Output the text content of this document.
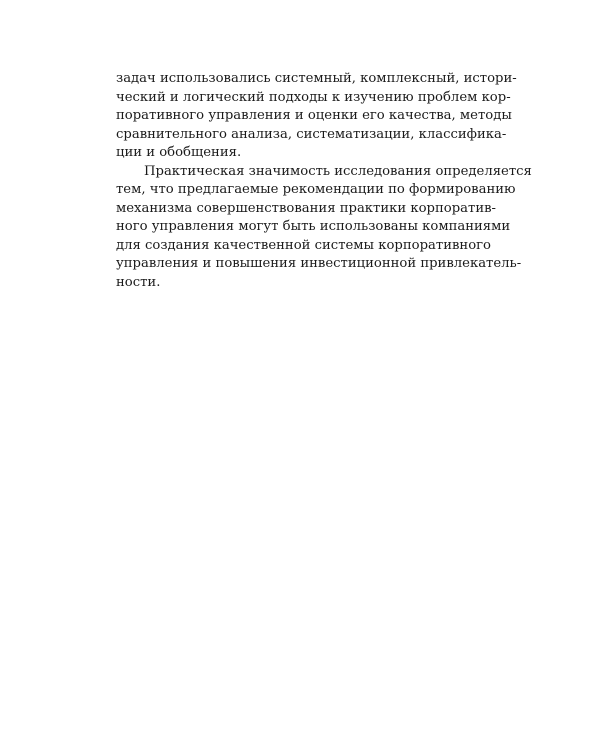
задач использовались системный, комплексный, истори-
ческий и логический подходы к изучению проблем кор-
поративного управления и оценки его качества, методы
сравнительного анализа, систематизации, классифика-
ции и обобщения.
Практическая значимость исследования определяется
тем, что предлагаемые рекомендации по формированию
механизма совершенствования практики корпоратив-
ного управления могут быть использованы компаниями
для создания качественной системы корпоративного
управления и повышения инвестиционной привлекатель-
ности.
